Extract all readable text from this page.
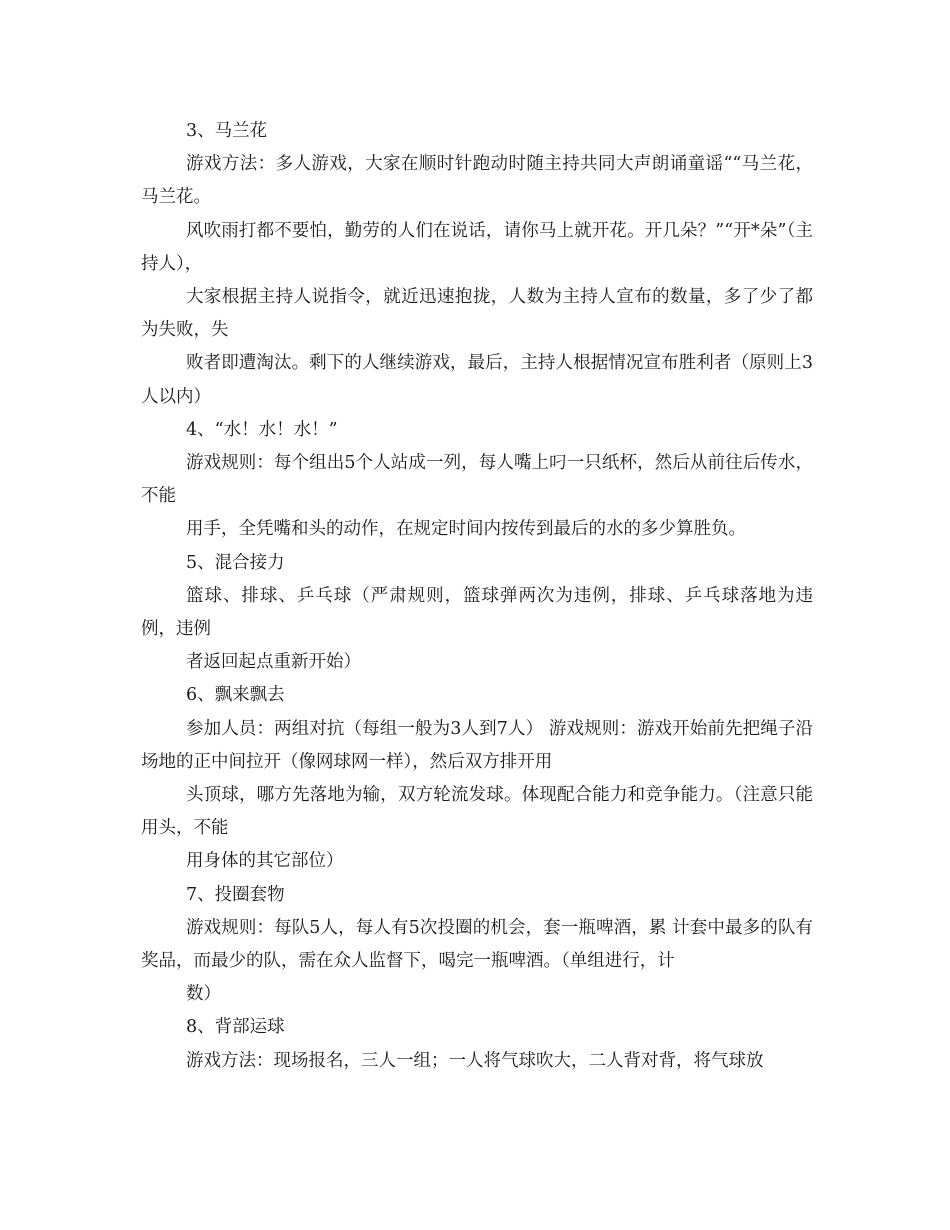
3、马兰花

游戏方法：多人游戏，大家在顺时针跑动时随主持共同大声朗诵童谣““马兰花，马兰花。

风吹雨打都不要怕，勤劳的人们在说话，请你马上就开花。开几朵？”“开*朵”（主持人），

大家根据主持人说指令，就近迅速抱拢，人数为主持人宣布的数量，多了少了都为失败，失

败者即遭淘汰。剩下的人继续游戏，最后，主持人根据情况宣布胜利者（原则上3人以内）

4、“水！水！水！”

游戏规则：每个组出5个人站成一列，每人嘴上叼一只纸杯，然后从前往后传水，不能

用手，全凭嘴和头的动作，在规定时间内按传到最后的水的多少算胜负。

5、混合接力

篮球、排球、乒乓球（严肃规则，篮球弹两次为违例，排球、乒乓球落地为违例，违例

者返回起点重新开始）

6、飘来飘去

参加人员：两组对抗（每组一般为3人到7人） 游戏规则：游戏开始前先把绳子沿场地的正中间拉开（像网球网一样），然后双方排开用

头顶球，哪方先落地为输，双方轮流发球。体现配合能力和竞争能力。（注意只能用头，不能

用身体的其它部位）

7、投圈套物

游戏规则：每队5人，每人有5次投圈的机会，套一瓶啤酒，累 计套中最多的队有奖品，而最少的队，需在众人监督下，喝完一瓶啤酒。（单组进行，计

数）

8、背部运球

游戏方法：现场报名，三人一组；一人将气球吹大，二人背对背，将气球放
